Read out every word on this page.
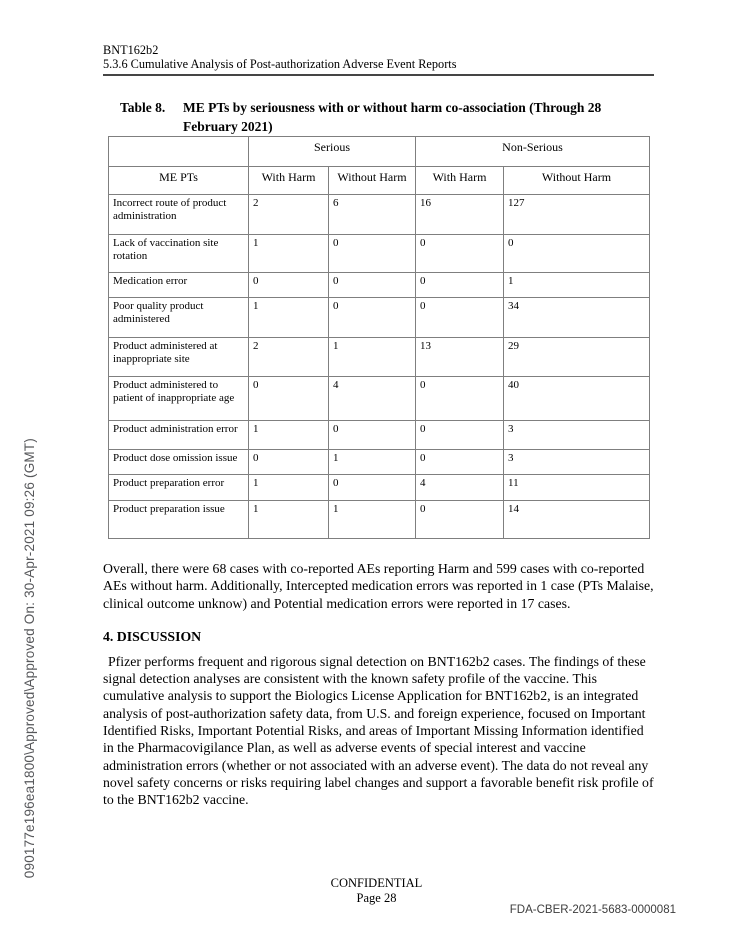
090177e196ea1800\Approved\Approved On: 30-Apr-2021 09:26 (GMT)
BNT162b2
5.3.6 Cumulative Analysis of Post-authorization Adverse Event Reports
Table 8.	ME PTs by seriousness with or without harm co-association (Through 28 February 2021)
	Serious		Non-Serious	
ME PTs	With Harm	Without Harm	With Harm	Without Harm
Incorrect route of product administration	2	6	16	127
Lack of vaccination site rotation	1	0	0	0
Medication error	0	0	0	1
Poor quality product administered	1	0	0	34
Product administered at inappropriate site	2	1	13	29
Product administered to patient of inappropriate age	0	4	0	40
Product administration error	1	0	0	3
Product dose omission issue	0	1	0	3
Product preparation error	1	0	4	11
Product preparation issue	1	1	0	14

Overall, there were 68 cases with co-reported AEs reporting Harm and 599 cases with co-reported AEs without harm. Additionally, Intercepted medication errors was reported in 1 case (PTs Malaise, clinical outcome unknow) and Potential medication errors were reported in 17 cases.

4. DISCUSSION

Pfizer performs frequent and rigorous signal detection on BNT162b2 cases. The findings of these signal detection analyses are consistent with the known safety profile of the vaccine. This cumulative analysis to support the Biologics License Application for BNT162b2, is an integrated analysis of post-authorization safety data, from U.S. and foreign experience, focused on Important Identified Risks, Important Potential Risks, and areas of Important Missing Information identified in the Pharmacovigilance Plan, as well as adverse events of special interest and vaccine administration errors (whether or not associated with an adverse event). The data do not reveal any novel safety concerns or risks requiring label changes and support a favorable benefit risk profile of to the BNT162b2 vaccine.

CONFIDENTIAL
Page 28
FDA-CBER-2021-5683-0000081
